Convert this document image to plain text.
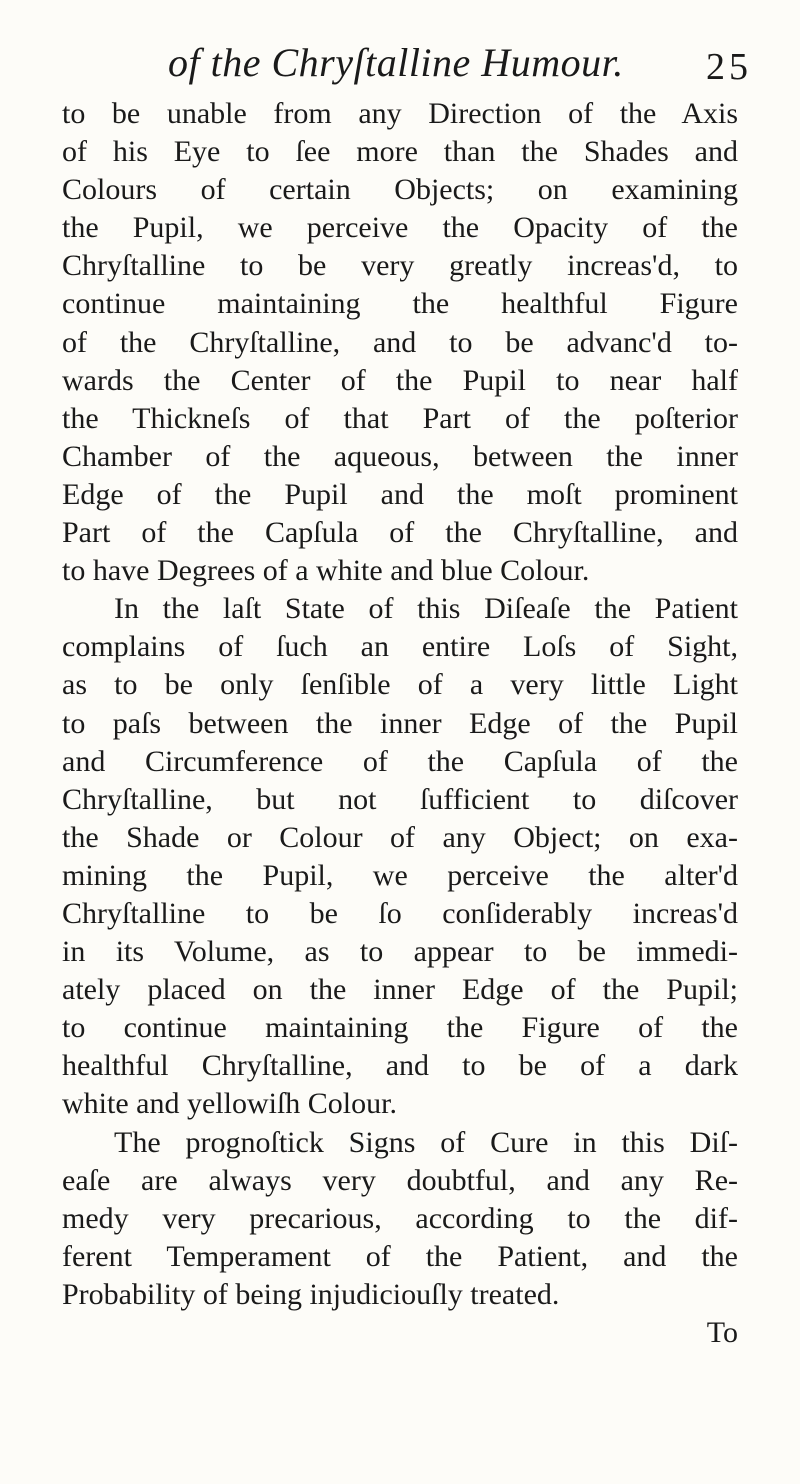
of the Chryſtalline Humour. 25
to be unable from any Direction of the Axis
of his Eye to ſee more than the Shades and
Colours of certain Objects; on examining
the Pupil, we perceive the Opacity of the
Chryſtalline to be very greatly increas'd, to
continue maintaining the healthful Figure
of the Chryſtalline, and to be advanc'd to-
wards the Center of the Pupil to near half
the Thickneſs of that Part of the poſterior
Chamber of the aqueous, between the inner
Edge of the Pupil and the moſt prominent
Part of the Capſula of the Chryſtalline, and
to have Degrees of a white and blue Colour.
In the laſt State of this Diſeaſe the Patient
complains of ſuch an entire Loſs of Sight,
as to be only ſenſible of a very little Light
to paſs between the inner Edge of the Pupil
and Circumference of the Capſula of the
Chryſtalline, but not ſufficient to diſcover
the Shade or Colour of any Object; on exa-
mining the Pupil, we perceive the alter'd
Chryſtalline to be ſo conſiderably increas'd
in its Volume, as to appear to be immedi-
ately placed on the inner Edge of the Pupil;
to continue maintaining the Figure of the
healthful Chryſtalline, and to be of a dark
white and yellowiſh Colour.
The prognoſtick Signs of Cure in this Diſ-
eaſe are always very doubtful, and any Re-
medy very precarious, according to the dif-
ferent Temperament of the Patient, and the
Probability of being injudiciouſly treated.
To
